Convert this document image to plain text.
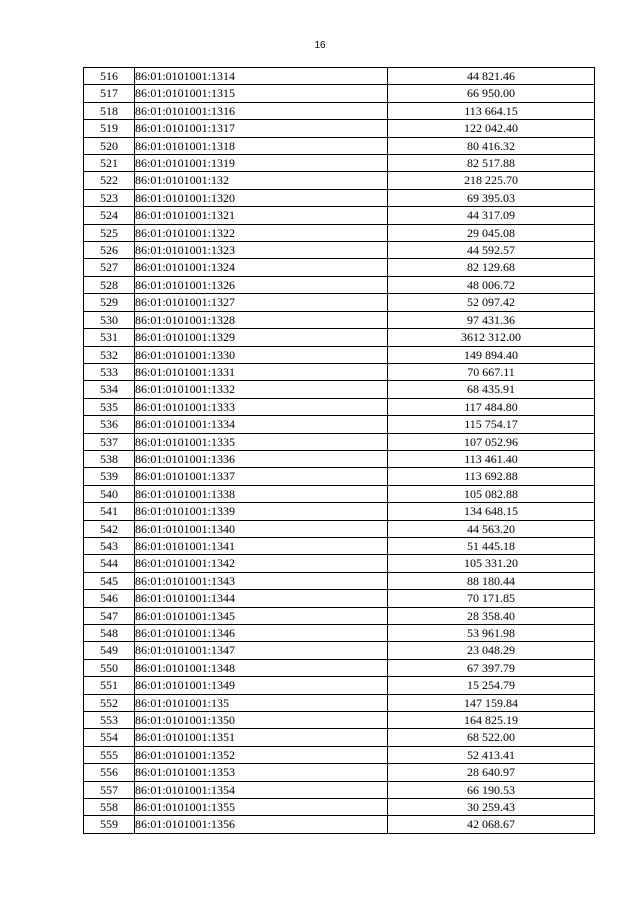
16
516	86:01:0101001:1314	44 821.46
517	86:01:0101001:1315	66 950.00
518	86:01:0101001:1316	113 664.15
519	86:01:0101001:1317	122 042.40
520	86:01:0101001:1318	80 416.32
521	86:01:0101001:1319	82 517.88
522	86:01:0101001:132	218 225.70
523	86:01:0101001:1320	69 395.03
524	86:01:0101001:1321	44 317.09
525	86:01:0101001:1322	29 045.08
526	86:01:0101001:1323	44 592.57
527	86:01:0101001:1324	82 129.68
528	86:01:0101001:1326	48 006.72
529	86:01:0101001:1327	52 097.42
530	86:01:0101001:1328	97 431.36
531	86:01:0101001:1329	3612 312.00
532	86:01:0101001:1330	149 894.40
533	86:01:0101001:1331	70 667.11
534	86:01:0101001:1332	68 435.91
535	86:01:0101001:1333	117 484.80
536	86:01:0101001:1334	115 754.17
537	86:01:0101001:1335	107 052.96
538	86:01:0101001:1336	113 461.40
539	86:01:0101001:1337	113 692.88
540	86:01:0101001:1338	105 082.88
541	86:01:0101001:1339	134 648.15
542	86:01:0101001:1340	44 563.20
543	86:01:0101001:1341	51 445.18
544	86:01:0101001:1342	105 331.20
545	86:01:0101001:1343	88 180.44
546	86:01:0101001:1344	70 171.85
547	86:01:0101001:1345	28 358.40
548	86:01:0101001:1346	53 961.98
549	86:01:0101001:1347	23 048.29
550	86:01:0101001:1348	67 397.79
551	86:01:0101001:1349	15 254.79
552	86:01:0101001:135	147 159.84
553	86:01:0101001:1350	164 825.19
554	86:01:0101001:1351	68 522.00
555	86:01:0101001:1352	52 413.41
556	86:01:0101001:1353	28 640.97
557	86:01:0101001:1354	66 190.53
558	86:01:0101001:1355	30 259.43
559	86:01:0101001:1356	42 068.67
